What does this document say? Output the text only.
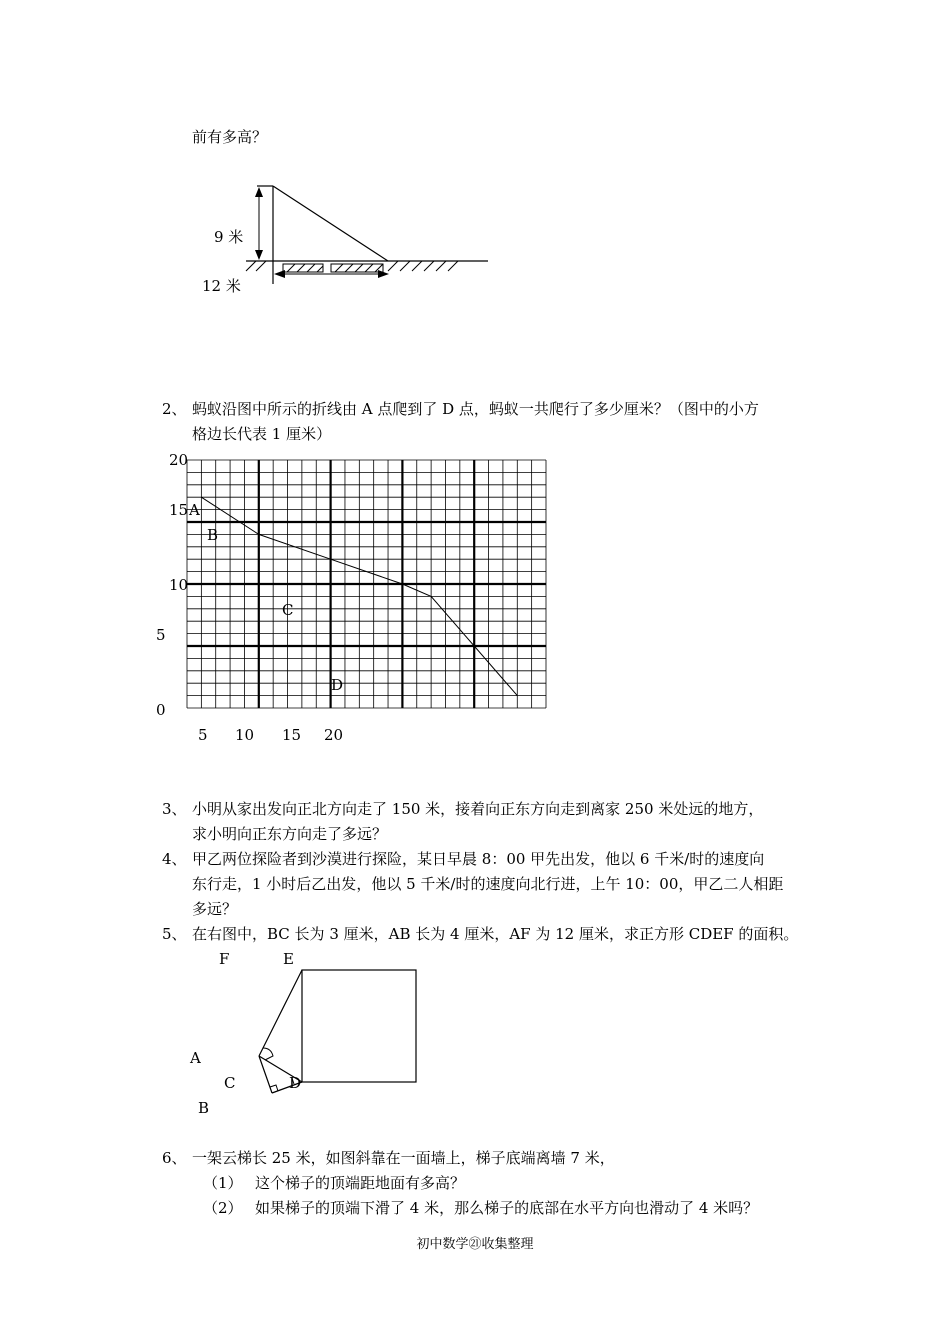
前有多高？
9 米
12 米
2、 蚂蚁沿图中所示的折线由 A 点爬到了 D 点，蚂蚁一共爬行了多少厘米？（图中的小方
格边长代表 1 厘米）
20
15
10
5
0
5 10 15 20
A
B
C
D
3、 小明从家出发向正北方向走了 150 米，接着向正东方向走到离家 250 米处远的地方，
求小明向正东方向走了多远？
4、 甲乙两位探险者到沙漠进行探险，某日早晨 8：00 甲先出发，他以 6 千米/时的速度向
东行走，1 小时后乙出发，他以 5 千米/时的速度向北行进，上午 10：00，甲乙二人相距
多远？
5、 在右图中，BC 长为 3 厘米，AB 长为 4 厘米，AF 为 12 厘米，求正方形 CDEF 的面积。
F	E
A
C	D
B
6、 一架云梯长 25 米，如图斜靠在一面墙上，梯子底端离墙 7 米，
（1） 这个梯子的顶端距地面有多高？
（2） 如果梯子的顶端下滑了 4 米，那么梯子的底部在水平方向也滑动了 4 米吗？
初中数学㉑收集整理
